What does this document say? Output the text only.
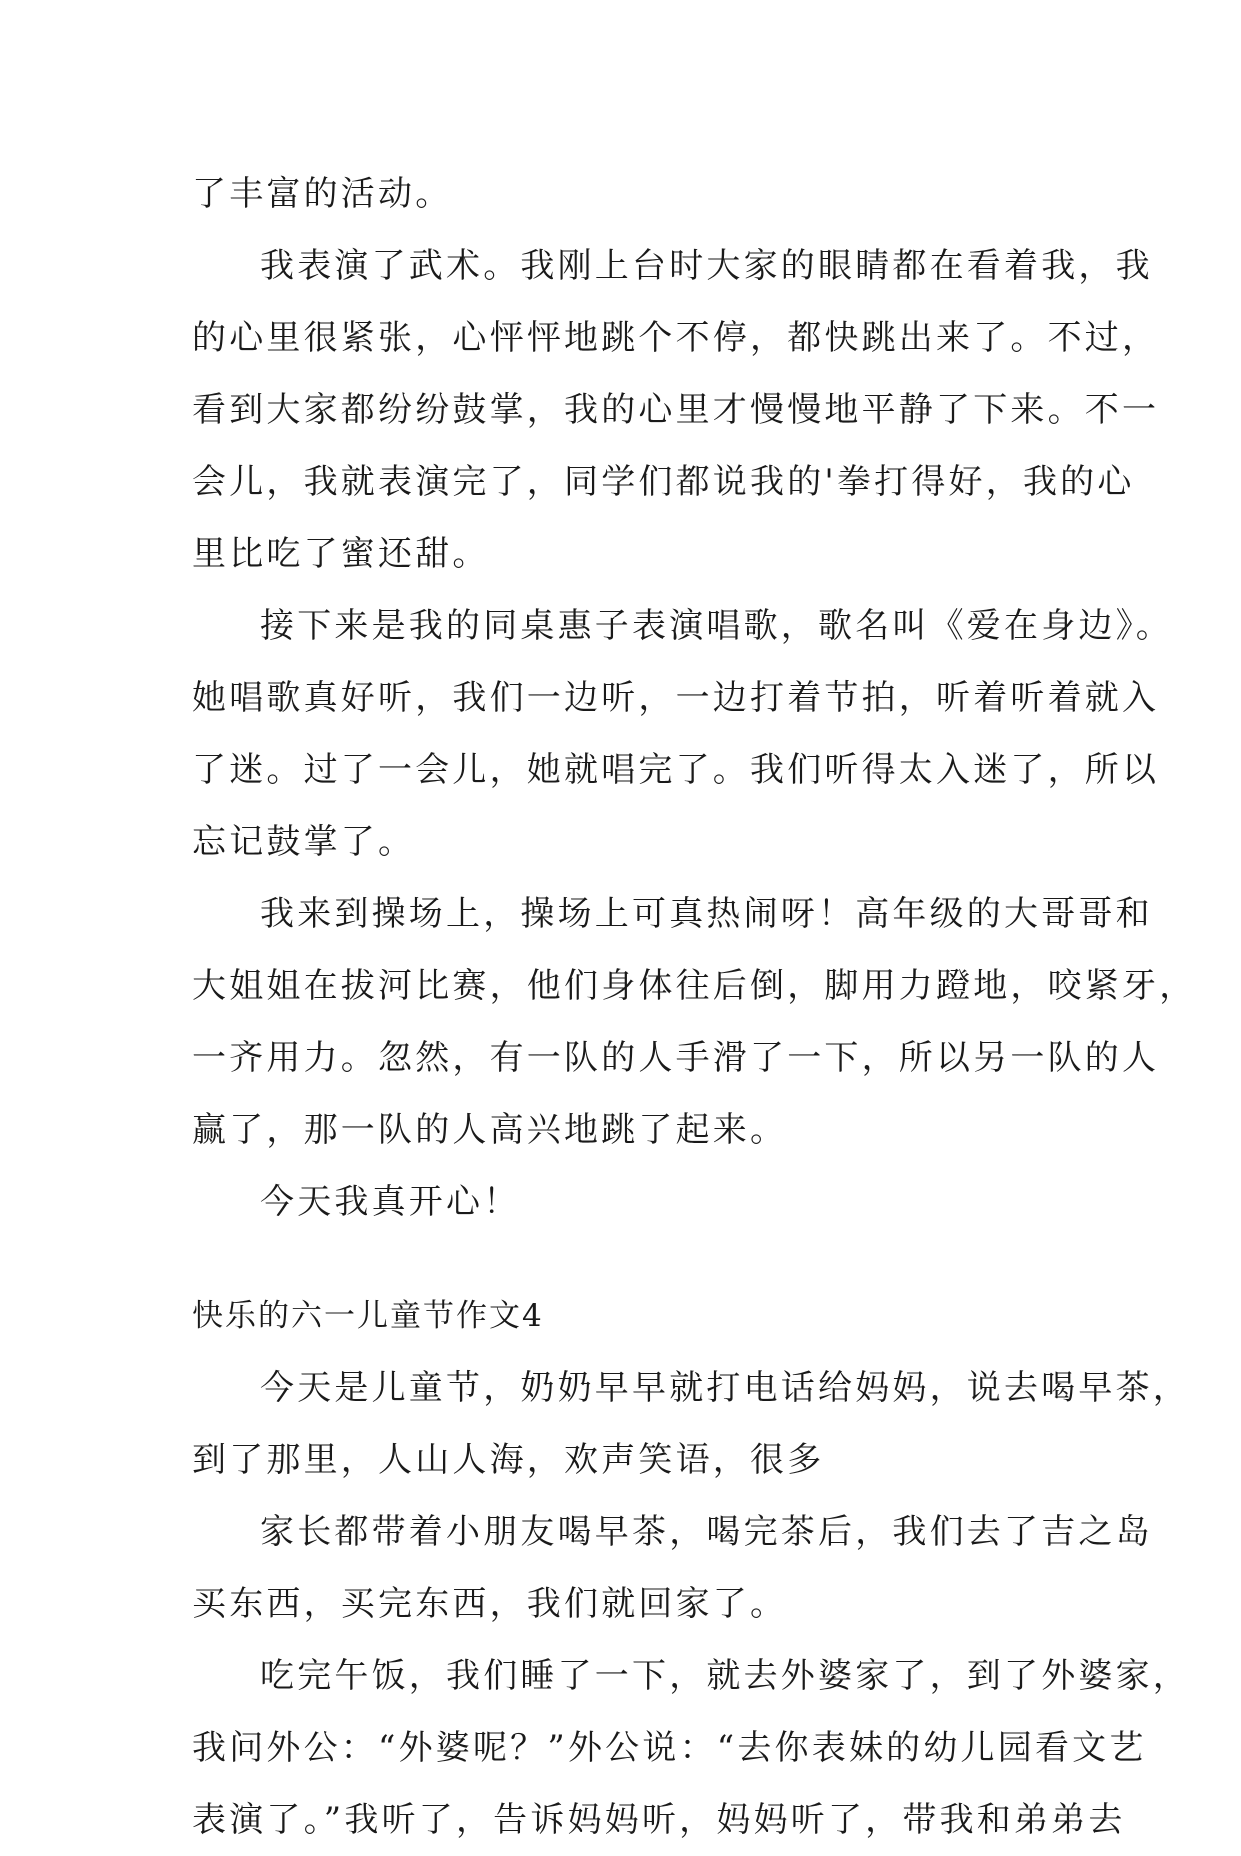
了丰富的活动。
我表演了武术。我刚上台时大家的眼睛都在看着我，我
的心里很紧张，心怦怦地跳个不停，都快跳出来了。不过，
看到大家都纷纷鼓掌，我的心里才慢慢地平静了下来。不一
会儿，我就表演完了，同学们都说我的'拳打得好，我的心
里比吃了蜜还甜。
接下来是我的同桌惠子表演唱歌，歌名叫《爱在身边》。
她唱歌真好听，我们一边听，一边打着节拍，听着听着就入
了迷。过了一会儿，她就唱完了。我们听得太入迷了，所以
忘记鼓掌了。
我来到操场上，操场上可真热闹呀！高年级的大哥哥和
大姐姐在拔河比赛，他们身体往后倒，脚用力蹬地，咬紧牙，
一齐用力。忽然，有一队的人手滑了一下，所以另一队的人
赢了，那一队的人高兴地跳了起来。
今天我真开心！
快乐的六一儿童节作文4
今天是儿童节，奶奶早早就打电话给妈妈，说去喝早茶，
到了那里，人山人海，欢声笑语，很多
家长都带着小朋友喝早茶，喝完茶后，我们去了吉之岛
买东西，买完东西，我们就回家了。
吃完午饭，我们睡了一下，就去外婆家了，到了外婆家，
我问外公：“外婆呢？”外公说：“去你表妹的幼儿园看文艺
表演了。”我听了，告诉妈妈听，妈妈听了，带我和弟弟去
